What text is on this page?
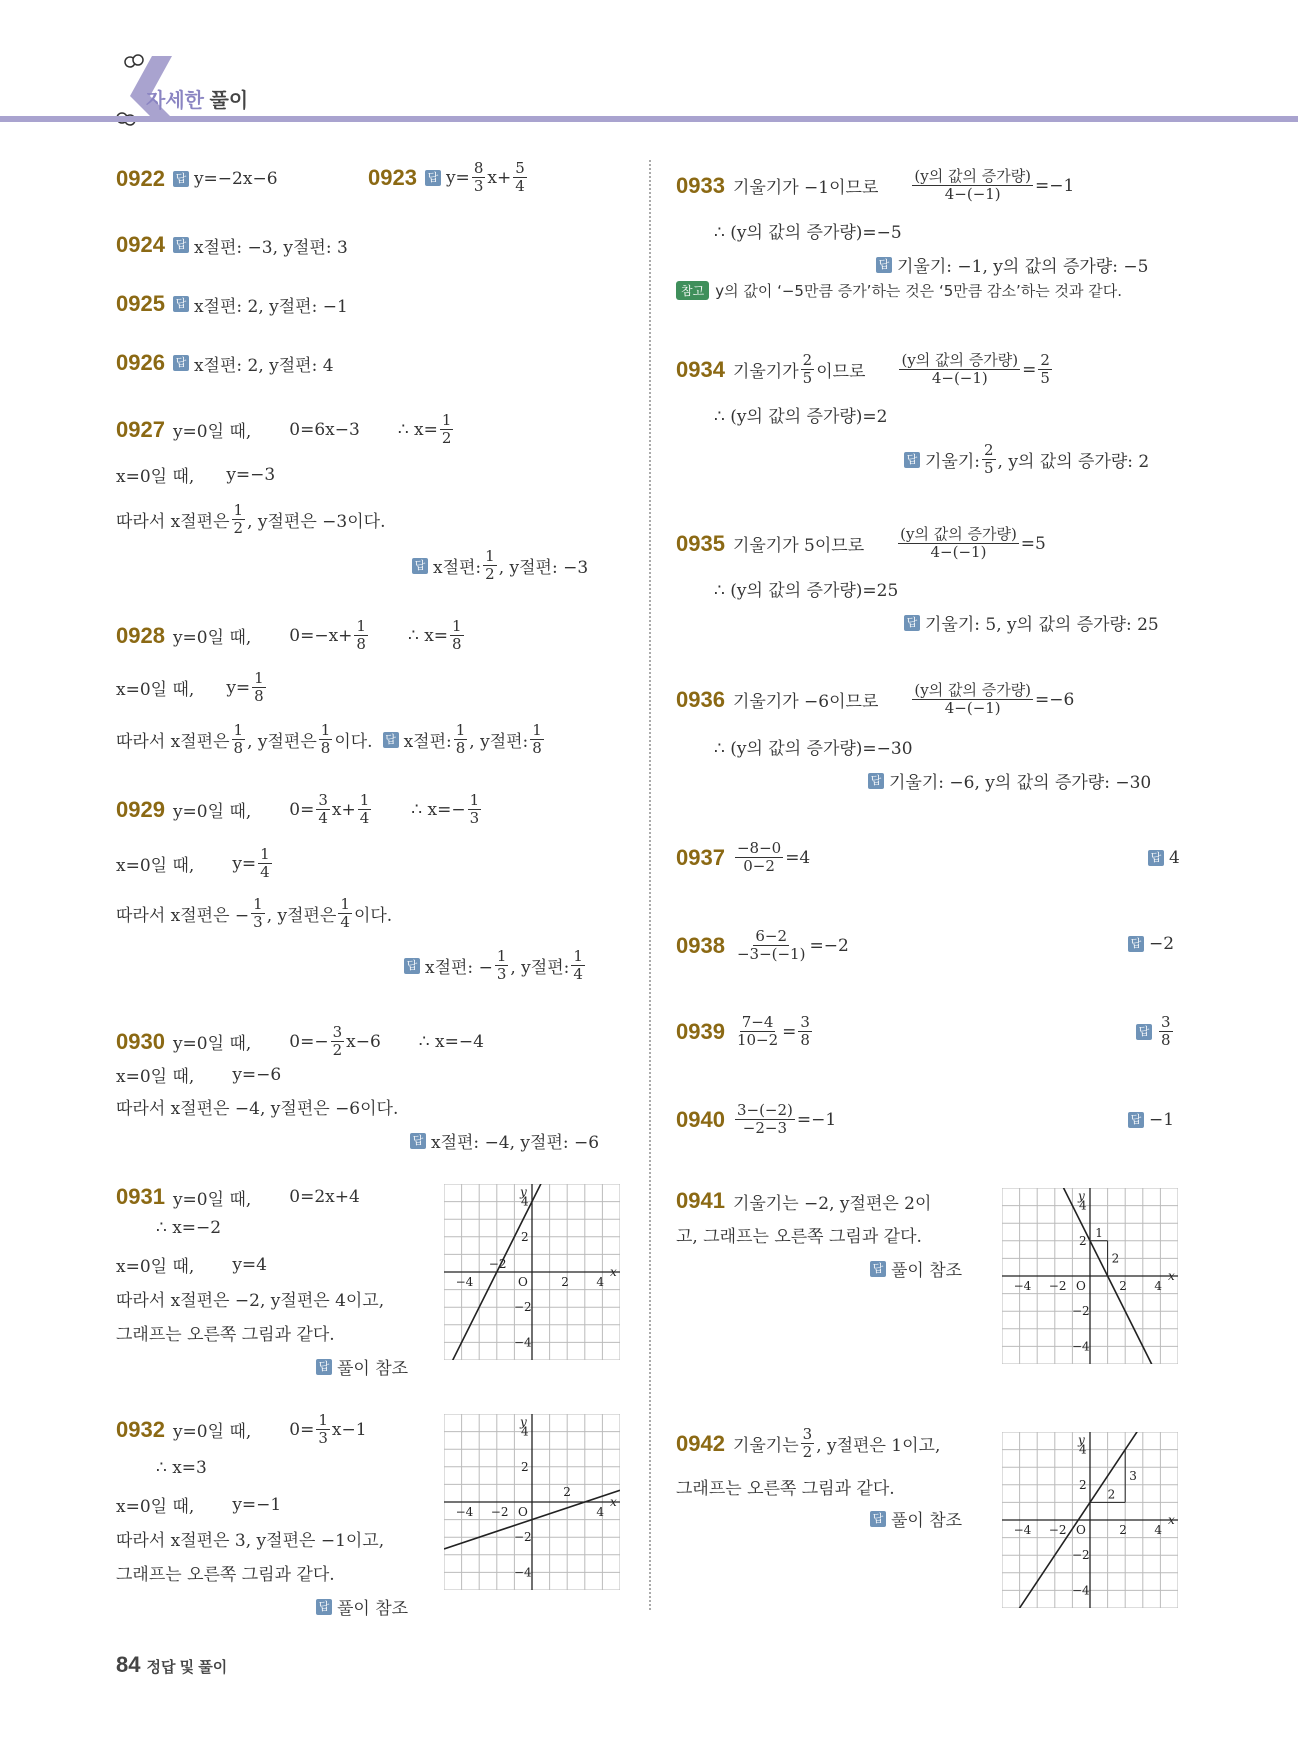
자세한 풀이
0922 답 y=−2x−6	0923 답 $y= \frac{8}{3} x+ \frac{5}{4}$
0924 답 x절편: −3, y절편: 3
0925 답 x절편: 2, y절편: −1
0926 답 x절편: 2, y절편: 4
0927 y=0일 때, 0=6x−3 ∴ $x= \frac{1}{2}$
x=0일 때, y=−3
따라서 x절편은 $\frac{1}{2}$ , y절편은 −3이다.
답 x절편: $\frac{1}{2}$ , y절편: −3
0928 y=0일 때, $0=-x+ \frac{1}{8}$ ∴ $x= \frac{1}{8}$
x=0일 때, $y= \frac{1}{8}$
따라서 x절편은 $\frac{1}{8}$ , y절편은 $\frac{1}{8}$ 이다. 답 x절편: $\frac{1}{8}$ , y절편: $\frac{1}{8}$
0929 y=0일 때, $0= \frac{3}{4} x+ \frac{1}{4}$ ∴ $x=- \frac{1}{3}$
x=0일 때, $y= \frac{1}{4}$
따라서 x절편은 − $\frac{1}{3}$ , y절편은 $\frac{1}{4}$ 이다.
답 x절편: − $\frac{1}{3}$ , y절편: $\frac{1}{4}$
0930 y=0일 때, $0=- \frac{3}{2} x-6$ ∴ x=−4
x=0일 때, y=−6
따라서 x절편은 −4, y절편은 −6이다.
답 x절편: −4, y절편: −6
0931 y=0일 때, 0=2x+4
∴ x=−2
x=0일 때, y=4
따라서 x절편은 −2, y절편은 4이고,
그래프는 오른쪽 그림과 같다.
답 풀이 참조
0932 y=0일 때, $0= \frac{1}{3} x-1$
∴ x=3
x=0일 때, y=−1
따라서 x절편은 3, y절편은 −1이고,
그래프는 오른쪽 그림과 같다.
답 풀이 참조
0933 기울기가 −1이므로 $\frac{\text{(y의 값의 증가량)}}{4-(-1)} =-1$
∴ (y의 값의 증가량)=−5
답 기울기: −1, y의 값의 증가량: −5
참고 y의 값이 ‘−5만큼 증가’하는 것은 ‘5만큼 감소’하는 것과 같다.
0934 기울기가 $\frac{2}{5}$ 이므로 $\frac{\text{(y의 값의 증가량)}}{4-(-1)} = \frac{2}{5}$
∴ (y의 값의 증가량)=2
답 기울기: $\frac{2}{5}$ , y의 값의 증가량: 2
0935 기울기가 5이므로 $\frac{\text{(y의 값의 증가량)}}{4-(-1)} =5$
∴ (y의 값의 증가량)=25
답 기울기: 5, y의 값의 증가량: 25
0936 기울기가 −6이므로 $\frac{\text{(y의 값의 증가량)}}{4-(-1)} =-6$
∴ (y의 값의 증가량)=−30
답 기울기: −6, y의 값의 증가량: −30
$0937 \frac{-8-0}{0-2} =4$	답 4
$0938 \frac{6-2}{-3-(-1)} =-2$	답 −2
$0939 \frac{7-4}{10-2} = \frac{3}{8}$	답 $\frac{3}{8}$
$0940 \frac{3-(-2)}{-2-3} =-1$	답 −1
0941 기울기는 −2, y절편은 2이
고, 그래프는 오른쪽 그림과 같다.
답 풀이 참조
0942 기울기는 $\frac{3}{2}$ , y절편은 1이고,
그래프는 오른쪽 그림과 같다.
답 풀이 참조
x
y
O
−4	2 4
4
2
−2
−4
−2
x
y
O
−4 −2	4
4
2
−2
−4
2
x
y
O
−4 −2	2 4
4
2
−2
−4
1
2
x
y
O
−4 −2	2 4
4
2
−2
−4
2
3
84 정답 및 풀이
